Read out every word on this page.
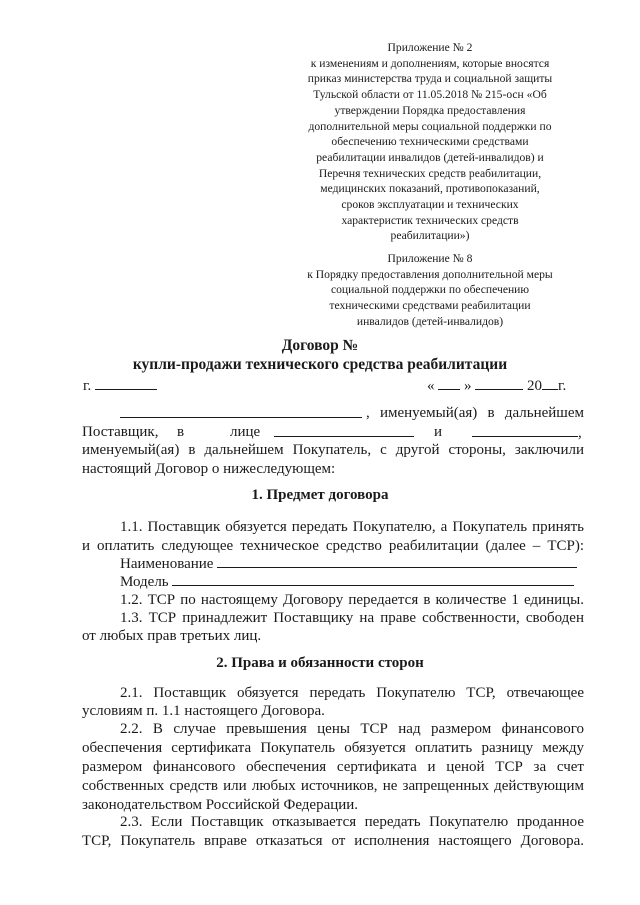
Приложение № 2
к изменениям и дополнениям, которые вносятся
приказ министерства труда и социальной защиты
Тульской области от 11.05.2018 № 215-осн «Об
утверждении Порядка предоставления
дополнительной меры социальной поддержки по
обеспечению техническими средствами
реабилитации инвалидов (детей-инвалидов) и
Перечня технических средств реабилитации,
медицинских показаний, противопоказаний,
сроков эксплуатации и технических
характеристик технических средств
реабилитации»)
Приложение № 8
к Порядку предоставления дополнительной меры
социальной поддержки по обеспечению
техническими средствами реабилитации
инвалидов (детей-инвалидов)
Договор №
купли-продажи технического средства реабилитации
г.	« »	20 г.
, именуемый(ая) в дальнейшем
Поставщик, в	лице	и	,
именуемый(ая) в дальнейшем Покупатель, с другой стороны, заключили
настоящий Договор о нижеследующем:
1. Предмет договора
1.1. Поставщик обязуется передать Покупателю, а Покупатель принять
и оплатить следующее техническое средство реабилитации (далее – ТСР):
Наименование
Модель
1.2. ТСР по настоящему Договору передается в количестве 1 единицы.
1.3. ТСР принадлежит Поставщику на праве собственности, свободен
от любых прав третьих лиц.
2. Права и обязанности сторон
2.1. Поставщик обязуется передать Покупателю ТСР, отвечающее
условиям п. 1.1 настоящего Договора.
2.2. В случае превышения цены ТСР над размером финансового
обеспечения сертификата Покупатель обязуется оплатить разницу между
размером финансового обеспечения сертификата и ценой ТСР за счет
собственных средств или любых источников, не запрещенных действующим
законодательством Российской Федерации.
2.3. Если Поставщик отказывается передать Покупателю проданное
ТСР, Покупатель вправе отказаться от исполнения настоящего Договора.
